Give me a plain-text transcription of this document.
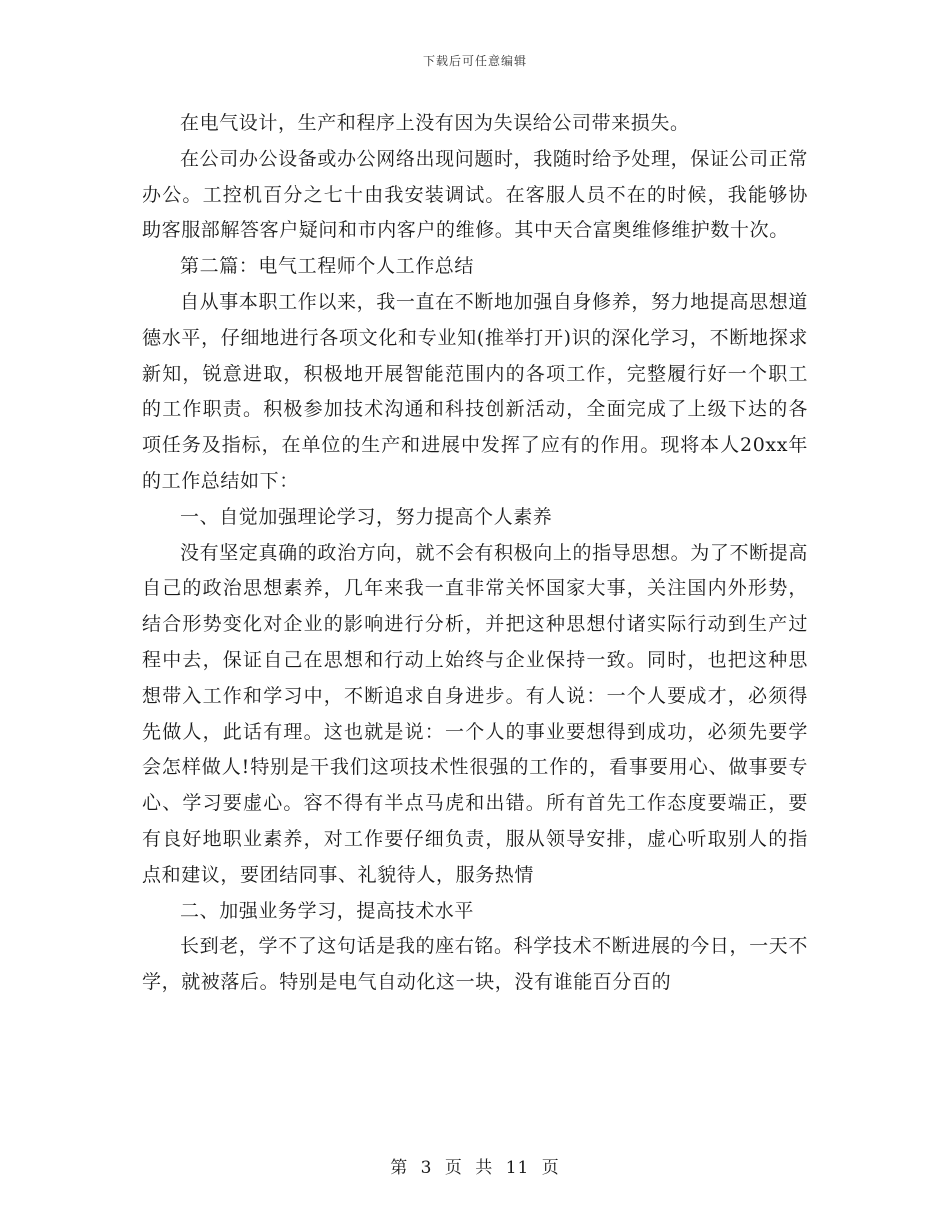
下载后可任意编辑

在电气设计，生产和程序上没有因为失误给公司带来损失。

在公司办公设备或办公网络出现问题时，我随时给予处理，保证公司正常办公。工控机百分之七十由我安装调试。在客服人员不在的时候，我能够协助客服部解答客户疑问和市内客户的维修。其中天合富奥维修维护数十次。

第二篇：电气工程师个人工作总结

自从事本职工作以来，我一直在不断地加强自身修养，努力地提高思想道德水平，仔细地进行各项文化和专业知(推举打开)识的深化学习，不断地探求新知，锐意进取，积极地开展智能范围内的各项工作，完整履行好一个职工的工作职责。积极参加技术沟通和科技创新活动，全面完成了上级下达的各项任务及指标，在单位的生产和进展中发挥了应有的作用。现将本人20xx年的工作总结如下：

一、自觉加强理论学习，努力提高个人素养

没有坚定真确的政治方向，就不会有积极向上的指导思想。为了不断提高自己的政治思想素养，几年来我一直非常关怀国家大事，关注国内外形势，结合形势变化对企业的影响进行分析，并把这种思想付诸实际行动到生产过程中去，保证自己在思想和行动上始终与企业保持一致。同时，也把这种思想带入工作和学习中，不断追求自身进步。有人说：一个人要成才，必须得先做人，此话有理。这也就是说：一个人的事业要想得到成功，必须先要学会怎样做人!特别是干我们这项技术性很强的工作的，看事要用心、做事要专心、学习要虚心。容不得有半点马虎和出错。所有首先工作态度要端正，要有良好地职业素养，对工作要仔细负责，服从领导安排，虚心听取别人的指点和建议，要团结同事、礼貌待人，服务热情

二、加强业务学习，提高技术水平

长到老，学不了这句话是我的座右铭。科学技术不断进展的今日，一天不学，就被落后。特别是电气自动化这一块，没有谁能百分百的

第 3 页 共 11 页
